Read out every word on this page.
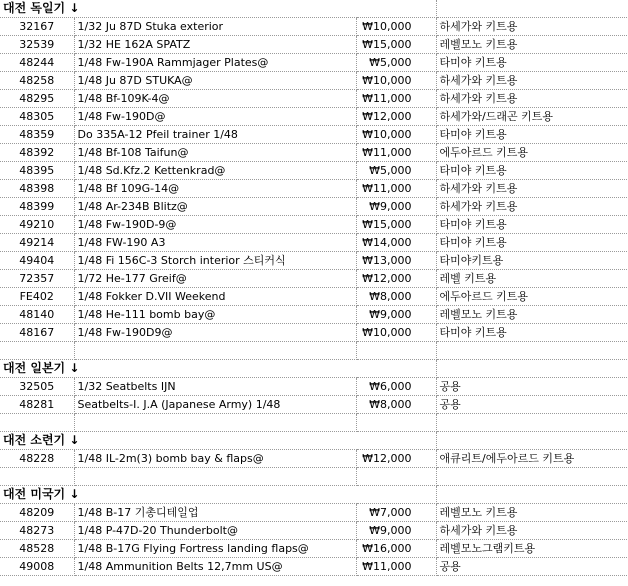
대전 독일기 ↓			
32167	1/32 Ju 87D Stuka exterior	₩10,000	하세가와 키트용
32539	1/32 HE 162A SPATZ	₩15,000	레벨모노 키트용
48244	1/48 Fw-190A Rammjager Plates@	₩5,000	타미야 키트용
48258	1/48 Ju 87D STUKA@	₩10,000	하세가와 키트용
48295	1/48 Bf-109K-4@	₩11,000	하세가와 키트용
48305	1/48 Fw-190D@	₩12,000	하세가와/드래곤 키트용
48359	Do 335A-12 Pfeil trainer 1/48	₩10,000	타미야 키트용
48392	1/48 Bf-108 Taifun@	₩11,000	에두아르드 키트용
48395	1/48 Sd.Kfz.2 Kettenkrad@	₩5,000	타미야 키트용
48398	1/48 Bf 109G-14@	₩11,000	하세가와 키트용
48399	1/48 Ar-234B Blitz@	₩9,000	하세가와 키트용
49210	1/48 Fw-190D-9@	₩15,000	타미야 키트용
49214	1/48 FW-190 A3	₩14,000	타미야 키트용
49404	1/48 Fi 156C-3 Storch interior 스티커식	₩13,000	타미야키트용
72357	1/72 He-177 Greif@	₩12,000	레벨 키트용
FE402	1/48 Fokker D.VII Weekend	₩8,000	에두아르드 키트용
48140	1/48 He-111 bomb bay@	₩9,000	레벨모노 키트용
48167	1/48 Fw-190D9@	₩10,000	타미야 키트용

대전 일본기 ↓			
32505	1/32 Seatbelts IJN	₩6,000	공용
48281	Seatbelts-I. J.A (Japanese Army) 1/48	₩8,000	공용

대전 소련기 ↓			
48228	1/48 IL-2m(3) bomb bay & flaps@	₩12,000	애큐리트/에두아르드 키트용

대전 미국기 ↓			
48209	1/48 B-17 기총디테일업	₩7,000	레벨모노 키트용
48273	1/48 P-47D-20 Thunderbolt@	₩9,000	하세가와 키트용
48528	1/48 B-17G Flying Fortress landing flaps@	₩16,000	레벨모노그램키트용
49008	1/48 Ammunition Belts 12,7mm US@	₩11,000	공용
